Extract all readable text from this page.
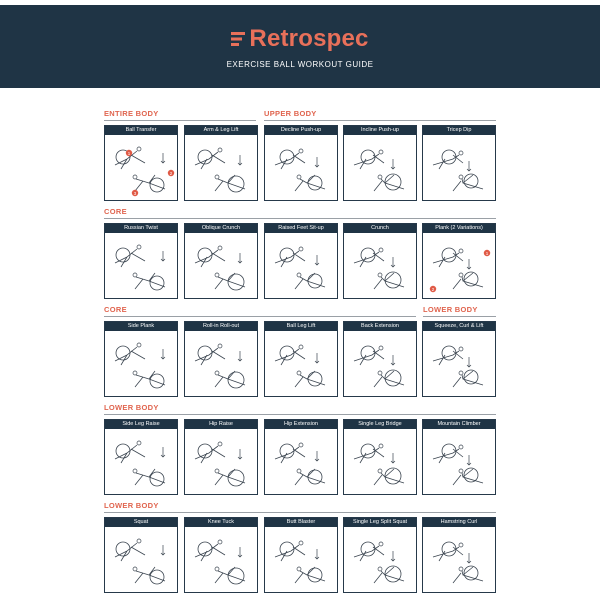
Retrospec
EXERCISE BALL WORKOUT GUIDE
ENTIRE BODY	UPPER BODY
CORE
CORE	LOWER BODY
LOWER BODY
LOWER BODY
Ball Transfer
1
2
3
Arm & Leg Lift	Decline Push-up	Incline Push-up	Tricep Dip
Russian Twist	Oblique Crunch	Raised Feet Sit-up	Crunch	Plank (2 Variations)
1
2
Side Plank	Roll-in Roll-out	Ball Leg Lift	Back Extension	Squeeze, Curl & Lift
Side Leg Raise	Hip Raise	Hip Extension	Single Leg Bridge	Mountain Climber
Squat	Knee Tuck	Butt Blaster	Single Leg Split Squat	Hamstring Curl
